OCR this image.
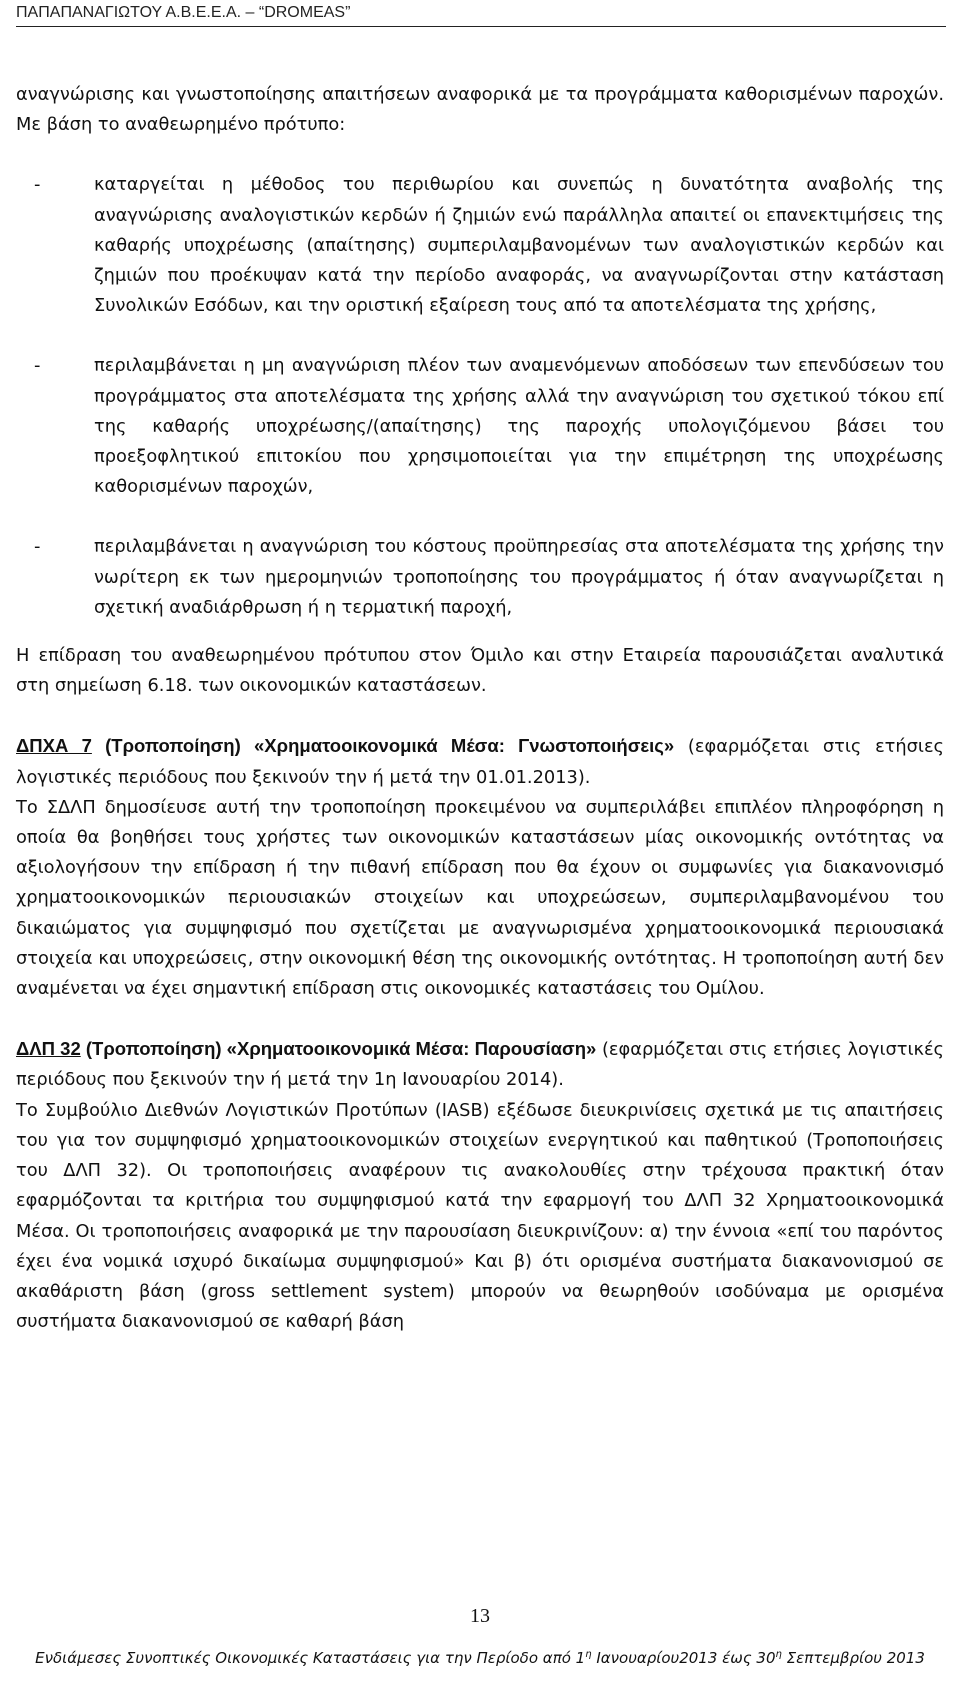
ΠΑΠΑΠΑΝΑΓΙΩΤΟΥ Α.Β.Ε.Ε.Α. – “DROMEAS”

αναγνώρισης και γνωστοποίησης απαιτήσεων αναφορικά με τα προγράμματα καθορισμένων παροχών. Με βάση το αναθεωρημένο πρότυπο:

-	καταργείται η μέθοδος του περιθωρίου και συνεπώς η δυνατότητα αναβολής της αναγνώρισης αναλογιστικών κερδών ή ζημιών ενώ παράλληλα απαιτεί οι επανεκτιμήσεις της καθαρής υποχρέωσης (απαίτησης) συμπεριλαμβανομένων των αναλογιστικών κερδών και ζημιών που προέκυψαν κατά την περίοδο αναφοράς, να αναγνωρίζονται στην κατάσταση Συνολικών Εσόδων, και την οριστική εξαίρεση τους από τα αποτελέσματα της χρήσης,

-	περιλαμβάνεται η μη αναγνώριση πλέον των αναμενόμενων αποδόσεων των επενδύσεων του προγράμματος στα αποτελέσματα της χρήσης αλλά την αναγνώριση του σχετικού τόκου επί της καθαρής υποχρέωσης/(απαίτησης) της παροχής υπολογιζόμενου βάσει του προεξοφλητικού επιτοκίου που χρησιμοποιείται για την επιμέτρηση της υποχρέωσης καθορισμένων παροχών,

-	περιλαμβάνεται η αναγνώριση του κόστους προϋπηρεσίας στα αποτελέσματα της χρήσης την νωρίτερη εκ των ημερομηνιών τροποποίησης του προγράμματος ή όταν αναγνωρίζεται η σχετική αναδιάρθρωση ή η τερματική παροχή,

Η επίδραση του αναθεωρημένου πρότυπου στον Όμιλο και στην Εταιρεία παρουσιάζεται αναλυτικά στη σημείωση 6.18. των οικονομικών καταστάσεων.

ΔΠΧΑ 7 (Τροποποίηση) «Χρηματοοικονομικά Μέσα: Γνωστοποιήσεις» (εφαρμόζεται στις ετήσιες λογιστικές περιόδους που ξεκινούν την ή μετά την 01.01.2013).

Το ΣΔΛΠ δημοσίευσε αυτή την τροποποίηση προκειμένου να συμπεριλάβει επιπλέον πληροφόρηση η οποία θα βοηθήσει τους χρήστες των οικονομικών καταστάσεων μίας οικονομικής οντότητας να αξιολογήσουν την επίδραση ή την πιθανή επίδραση που θα έχουν οι συμφωνίες για διακανονισμό χρηματοοικονομικών περιουσιακών στοιχείων και υποχρεώσεων, συμπεριλαμβανομένου του δικαιώματος για συμψηφισμό που σχετίζεται με αναγνωρισμένα χρηματοοικονομικά περιουσιακά στοιχεία και υποχρεώσεις, στην οικονομική θέση της οικονομικής οντότητας. Η τροποποίηση αυτή δεν αναμένεται να έχει σημαντική επίδραση στις οικονομικές καταστάσεις του Ομίλου.

ΔΛΠ 32 (Τροποποίηση) «Χρηματοοικονομικά Μέσα: Παρουσίαση» (εφαρμόζεται στις ετήσιες λογιστικές περιόδους που ξεκινούν την ή μετά την 1η Ιανουαρίου 2014).

Το Συμβούλιο Διεθνών Λογιστικών Προτύπων (IASB) εξέδωσε διευκρινίσεις σχετικά με τις απαιτήσεις του για τον συμψηφισμό χρηματοοικονομικών στοιχείων ενεργητικού και παθητικού (Τροποποιήσεις του ΔΛΠ 32). Οι τροποποιήσεις αναφέρουν τις ανακολουθίες στην τρέχουσα πρακτική όταν εφαρμόζονται τα κριτήρια του συμψηφισμού κατά την εφαρμογή του ΔΛΠ 32 Χρηματοοικονομικά Μέσα. Οι τροποποιήσεις αναφορικά με την παρουσίαση διευκρινίζουν: α) την έννοια «επί του παρόντος έχει ένα νομικά ισχυρό δικαίωμα συμψηφισμού» Και β) ότι ορισμένα συστήματα διακανονισμού σε ακαθάριστη βάση (gross settlement system) μπορούν να θεωρηθούν ισοδύναμα με ορισμένα συστήματα διακανονισμού σε καθαρή βάση

13
Ενδιάμεσες Συνοπτικές Οικονομικές Καταστάσεις για την Περίοδο από $1^\eta$ Ιανουαρίου2013 έως $30^\eta$ Σεπτεμβρίου 2013
